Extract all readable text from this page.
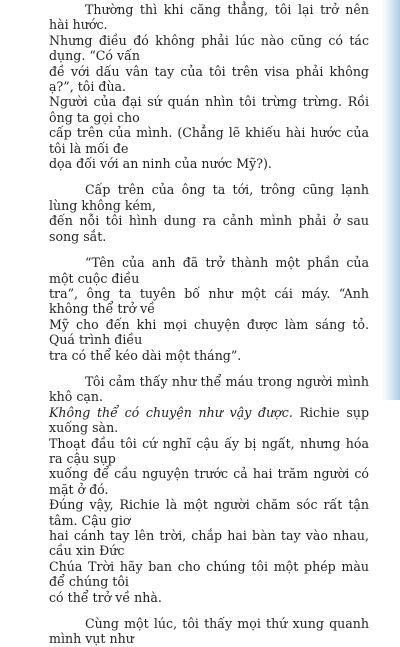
Thường thì khi căng thẳng, tôi lại trở nên hài hước.
Nhưng điều đó không phải lúc nào cũng có tác dụng. “Có vấn
đề với dấu vân tay của tôi trên visa phải không ạ?”, tôi đùa.
Người của đại sứ quán nhìn tôi trừng trừng. Rồi ông ta gọi cho
cấp trên của mình. (Chẳng lẽ khiếu hài hước của tôi là mối đe
dọa đối với an ninh của nước Mỹ?).

Cấp trên của ông ta tới, trông cũng lạnh lùng không kém,
đến nỗi tôi hình dung ra cảnh mình phải ở sau song sắt.

“Tên của anh đã trở thành một phần của một cuộc điều
tra”, ông ta tuyên bố như một cái máy. “Anh không thể trở về
Mỹ cho đến khi mọi chuyện được làm sáng tỏ. Quá trình điều
tra có thể kéo dài một tháng”.

Tôi cảm thấy như thể máu trong người mình khô cạn.
Không thể có chuyện như vậy được. Richie sụp xuống sàn.
Thoạt đầu tôi cứ nghĩ cậu ấy bị ngất, nhưng hóa ra cậu sụp
xuống để cầu nguyện trước cả hai trăm người có mặt ở đó.
Đúng vậy, Richie là một người chăm sóc rất tận tâm. Cậu giơ
hai cánh tay lên trời, chắp hai bàn tay vào nhau, cầu xin Đức
Chúa Trời hãy ban cho chúng tôi một phép màu để chúng tôi
có thể trở về nhà.

Cùng một lúc, tôi thấy mọi thứ xung quanh mình vụt như
